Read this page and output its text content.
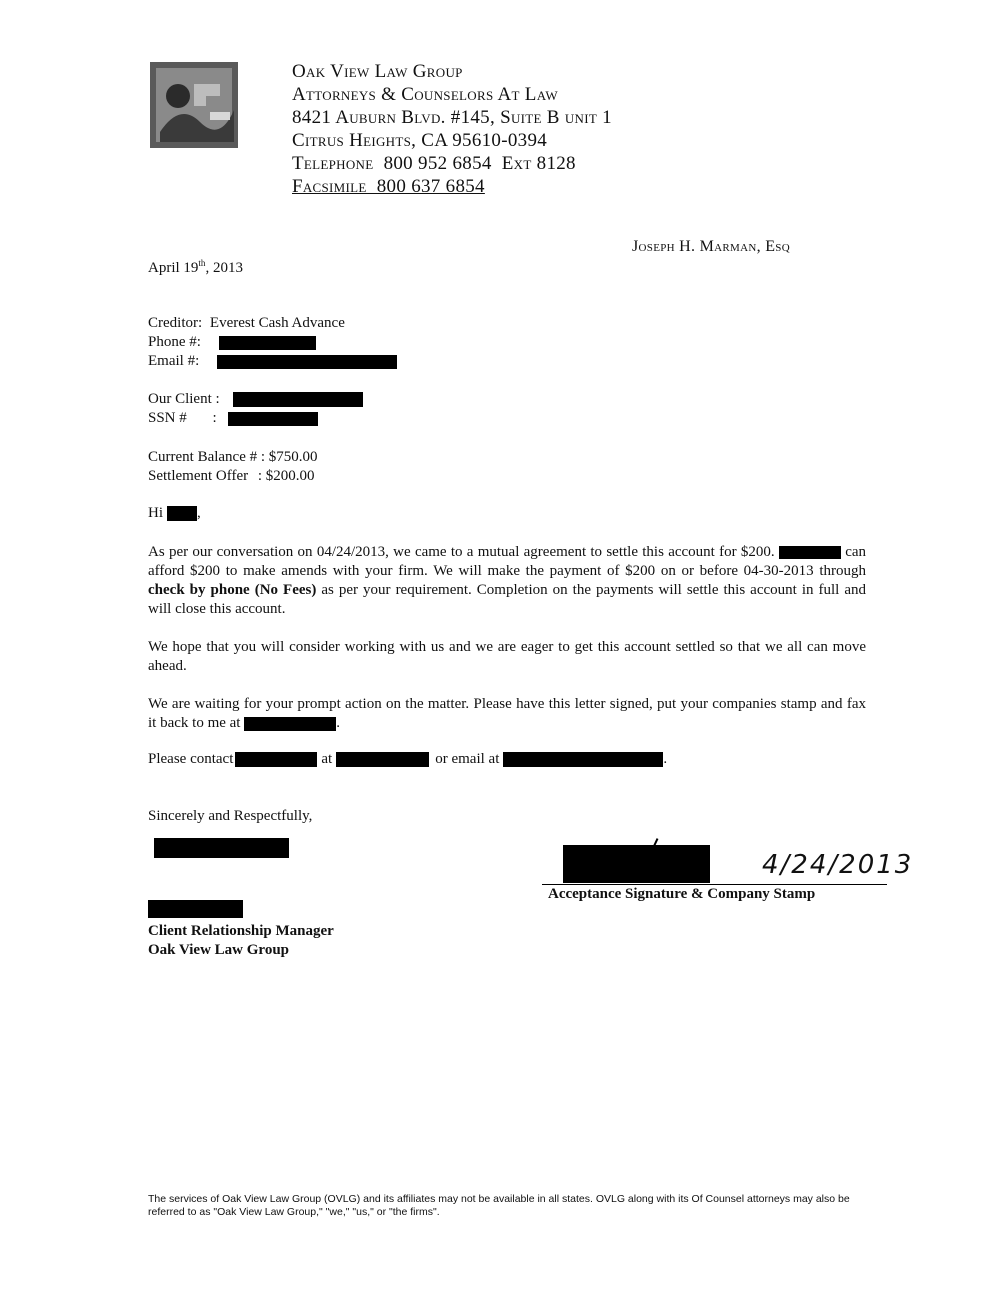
Oak View Law Group
Attorneys & Counselors At Law
8421 Auburn Blvd. #145, Suite B unit 1
Citrus Heights, CA 95610-0394
Telephone  800 952 6854  Ext 8128
Facsimile  800 637 6854
Joseph H. Marman, Esq
April 19th, 2013
Creditor: Everest Cash Advance
Phone #:
Email #:
Our Client :
SSN # :
Current Balance # : $750.00
Settlement Offer : $200.00
Hi ,

As per our conversation on 04/24/2013, we came to a mutual agreement to settle this account for $200.	can afford $200 to make amends with your firm. We will make the payment of $200 on or before 04-30-2013 through check by phone (No Fees) as per your requirement. Completion on the payments will settle this account in full and will close this account.

We hope that you will consider working with us and we are eager to get this account settled so that we all can move ahead.

We are waiting for your prompt action on the matter. Please have this letter signed, put your companies stamp and fax it back to me at	.

Please contact	at	or email at	.
Sincerely and Respectfully,
Client Relationship Manager
Oak View Law Group
4/24/2013
Acceptance Signature & Company Stamp
The services of Oak View Law Group (OVLG) and its affiliates may not be available in all states. OVLG along with its Of Counsel attorneys may also be referred to as "Oak View Law Group," "we," "us," or "the firms".
